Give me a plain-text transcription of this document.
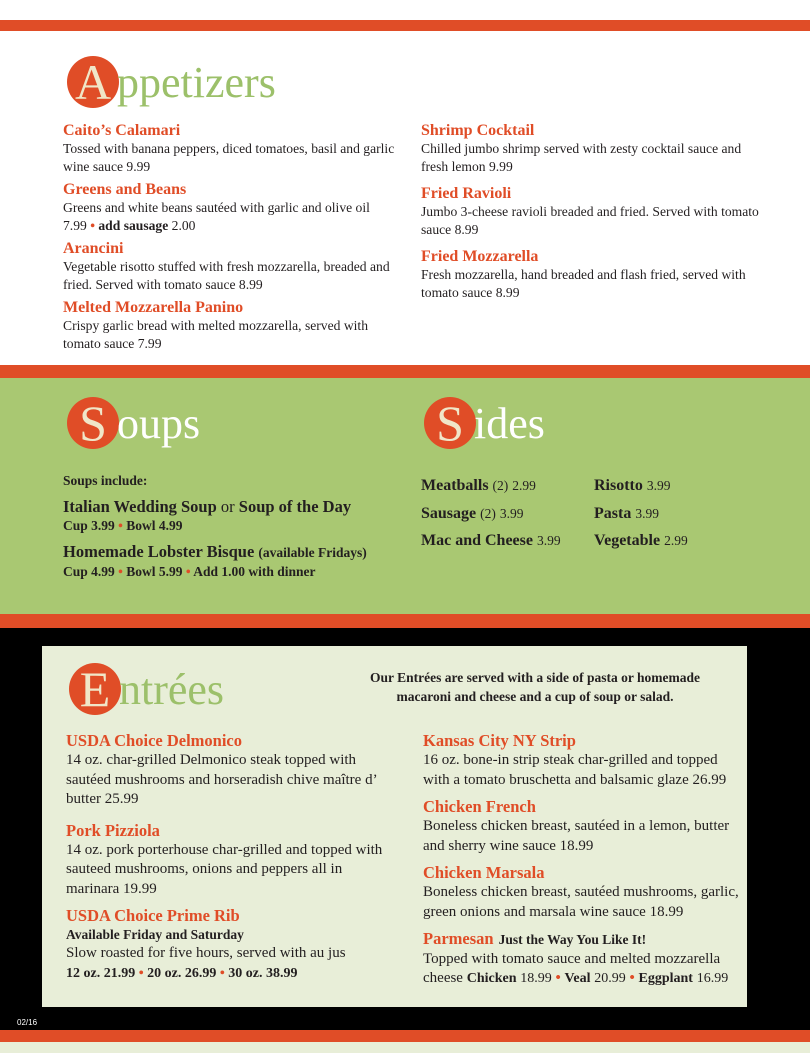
A ppetizers
Caito’s Calamari
Tossed with banana peppers, diced tomatoes, basil and garlic wine sauce 9.99
Greens and Beans
Greens and white beans sautéed with garlic and olive oil
7.99 • add sausage 2.00
Arancini
Vegetable risotto stuffed with fresh mozzarella, breaded and fried. Served with tomato sauce 8.99
Melted Mozzarella Panino
Crispy garlic bread with melted mozzarella, served with tomato sauce 7.99
Shrimp Cocktail
Chilled jumbo shrimp served with zesty cocktail sauce and fresh lemon 9.99
Fried Ravioli
Jumbo 3-cheese ravioli breaded and fried. Served with tomato sauce 8.99
Fried Mozzarella
Fresh mozzarella, hand breaded and flash fried, served with tomato sauce 8.99
S oups
Soups include:
Italian Wedding Soup or Soup of the Day
Cup 3.99 • Bowl 4.99
Homemade Lobster Bisque (available Fridays)
Cup 4.99 • Bowl 5.99 • Add 1.00 with dinner
S ides
Meatballs (2) 2.99
Sausage (2) 3.99
Mac and Cheese 3.99
Risotto 3.99
Pasta 3.99
Vegetable 2.99
E ntrées	Our Entrées are served with a side of pasta or homemade
macaroni and cheese and a cup of soup or salad.
USDA Choice Delmonico
14 oz. char-grilled Delmonico steak topped with sautéed mushrooms and horseradish chive maître d’ butter 25.99
Pork Pizziola
14 oz. pork porterhouse char-grilled and topped with sauteed mushrooms, onions and peppers all in marinara 19.99
USDA Choice Prime Rib
Available Friday and Saturday
Slow roasted for five hours, served with au jus
12 oz. 21.99 • 20 oz. 26.99 • 30 oz. 38.99
Kansas City NY Strip
16 oz. bone-in strip steak char-grilled and topped with a tomato bruschetta and balsamic glaze 26.99
Chicken French
Boneless chicken breast, sautéed in a lemon, butter and sherry wine sauce 18.99
Chicken Marsala
Boneless chicken breast, sautéed mushrooms, garlic, green onions and marsala wine sauce 18.99
Parmesan Just the Way You Like It!
Topped with tomato sauce and melted mozzarella cheese Chicken 18.99 • Veal 20.99 • Eggplant 16.99
02/16
